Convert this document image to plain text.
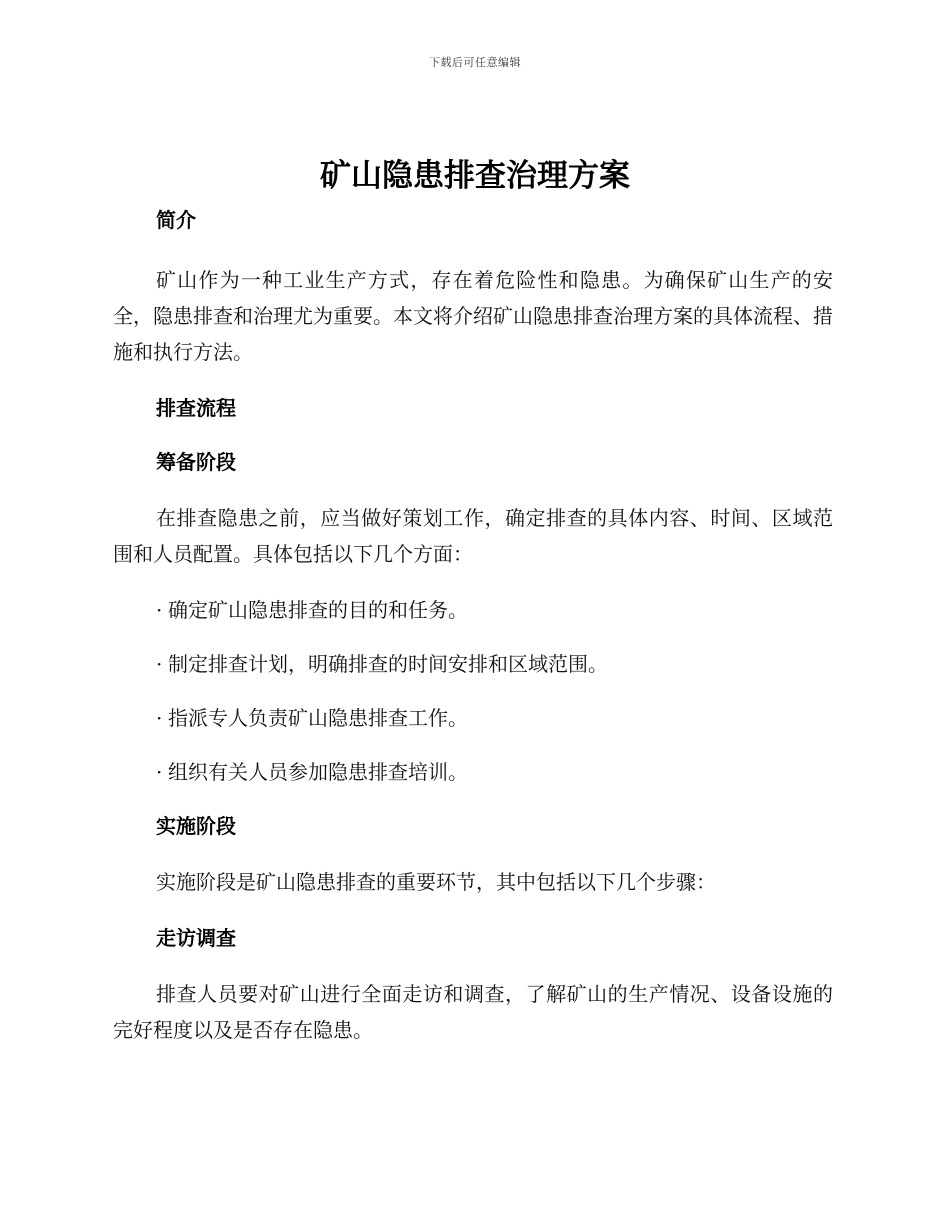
下载后可任意编辑
矿山隐患排查治理方案
简介

矿山作为一种工业生产方式，存在着危险性和隐患。为确保矿山生产的安全，隐患排查和治理尤为重要。本文将介绍矿山隐患排查治理方案的具体流程、措施和执行方法。

排查流程
筹备阶段

在排查隐患之前，应当做好策划工作，确定排查的具体内容、时间、区域范围和人员配置。具体包括以下几个方面：

· 确定矿山隐患排查的目的和任务。
· 制定排查计划，明确排查的时间安排和区域范围。
· 指派专人负责矿山隐患排查工作。
· 组织有关人员参加隐患排查培训。
实施阶段

实施阶段是矿山隐患排查的重要环节，其中包括以下几个步骤：

走访调查

排查人员要对矿山进行全面走访和调查，了解矿山的生产情况、设备设施的完好程度以及是否存在隐患。
